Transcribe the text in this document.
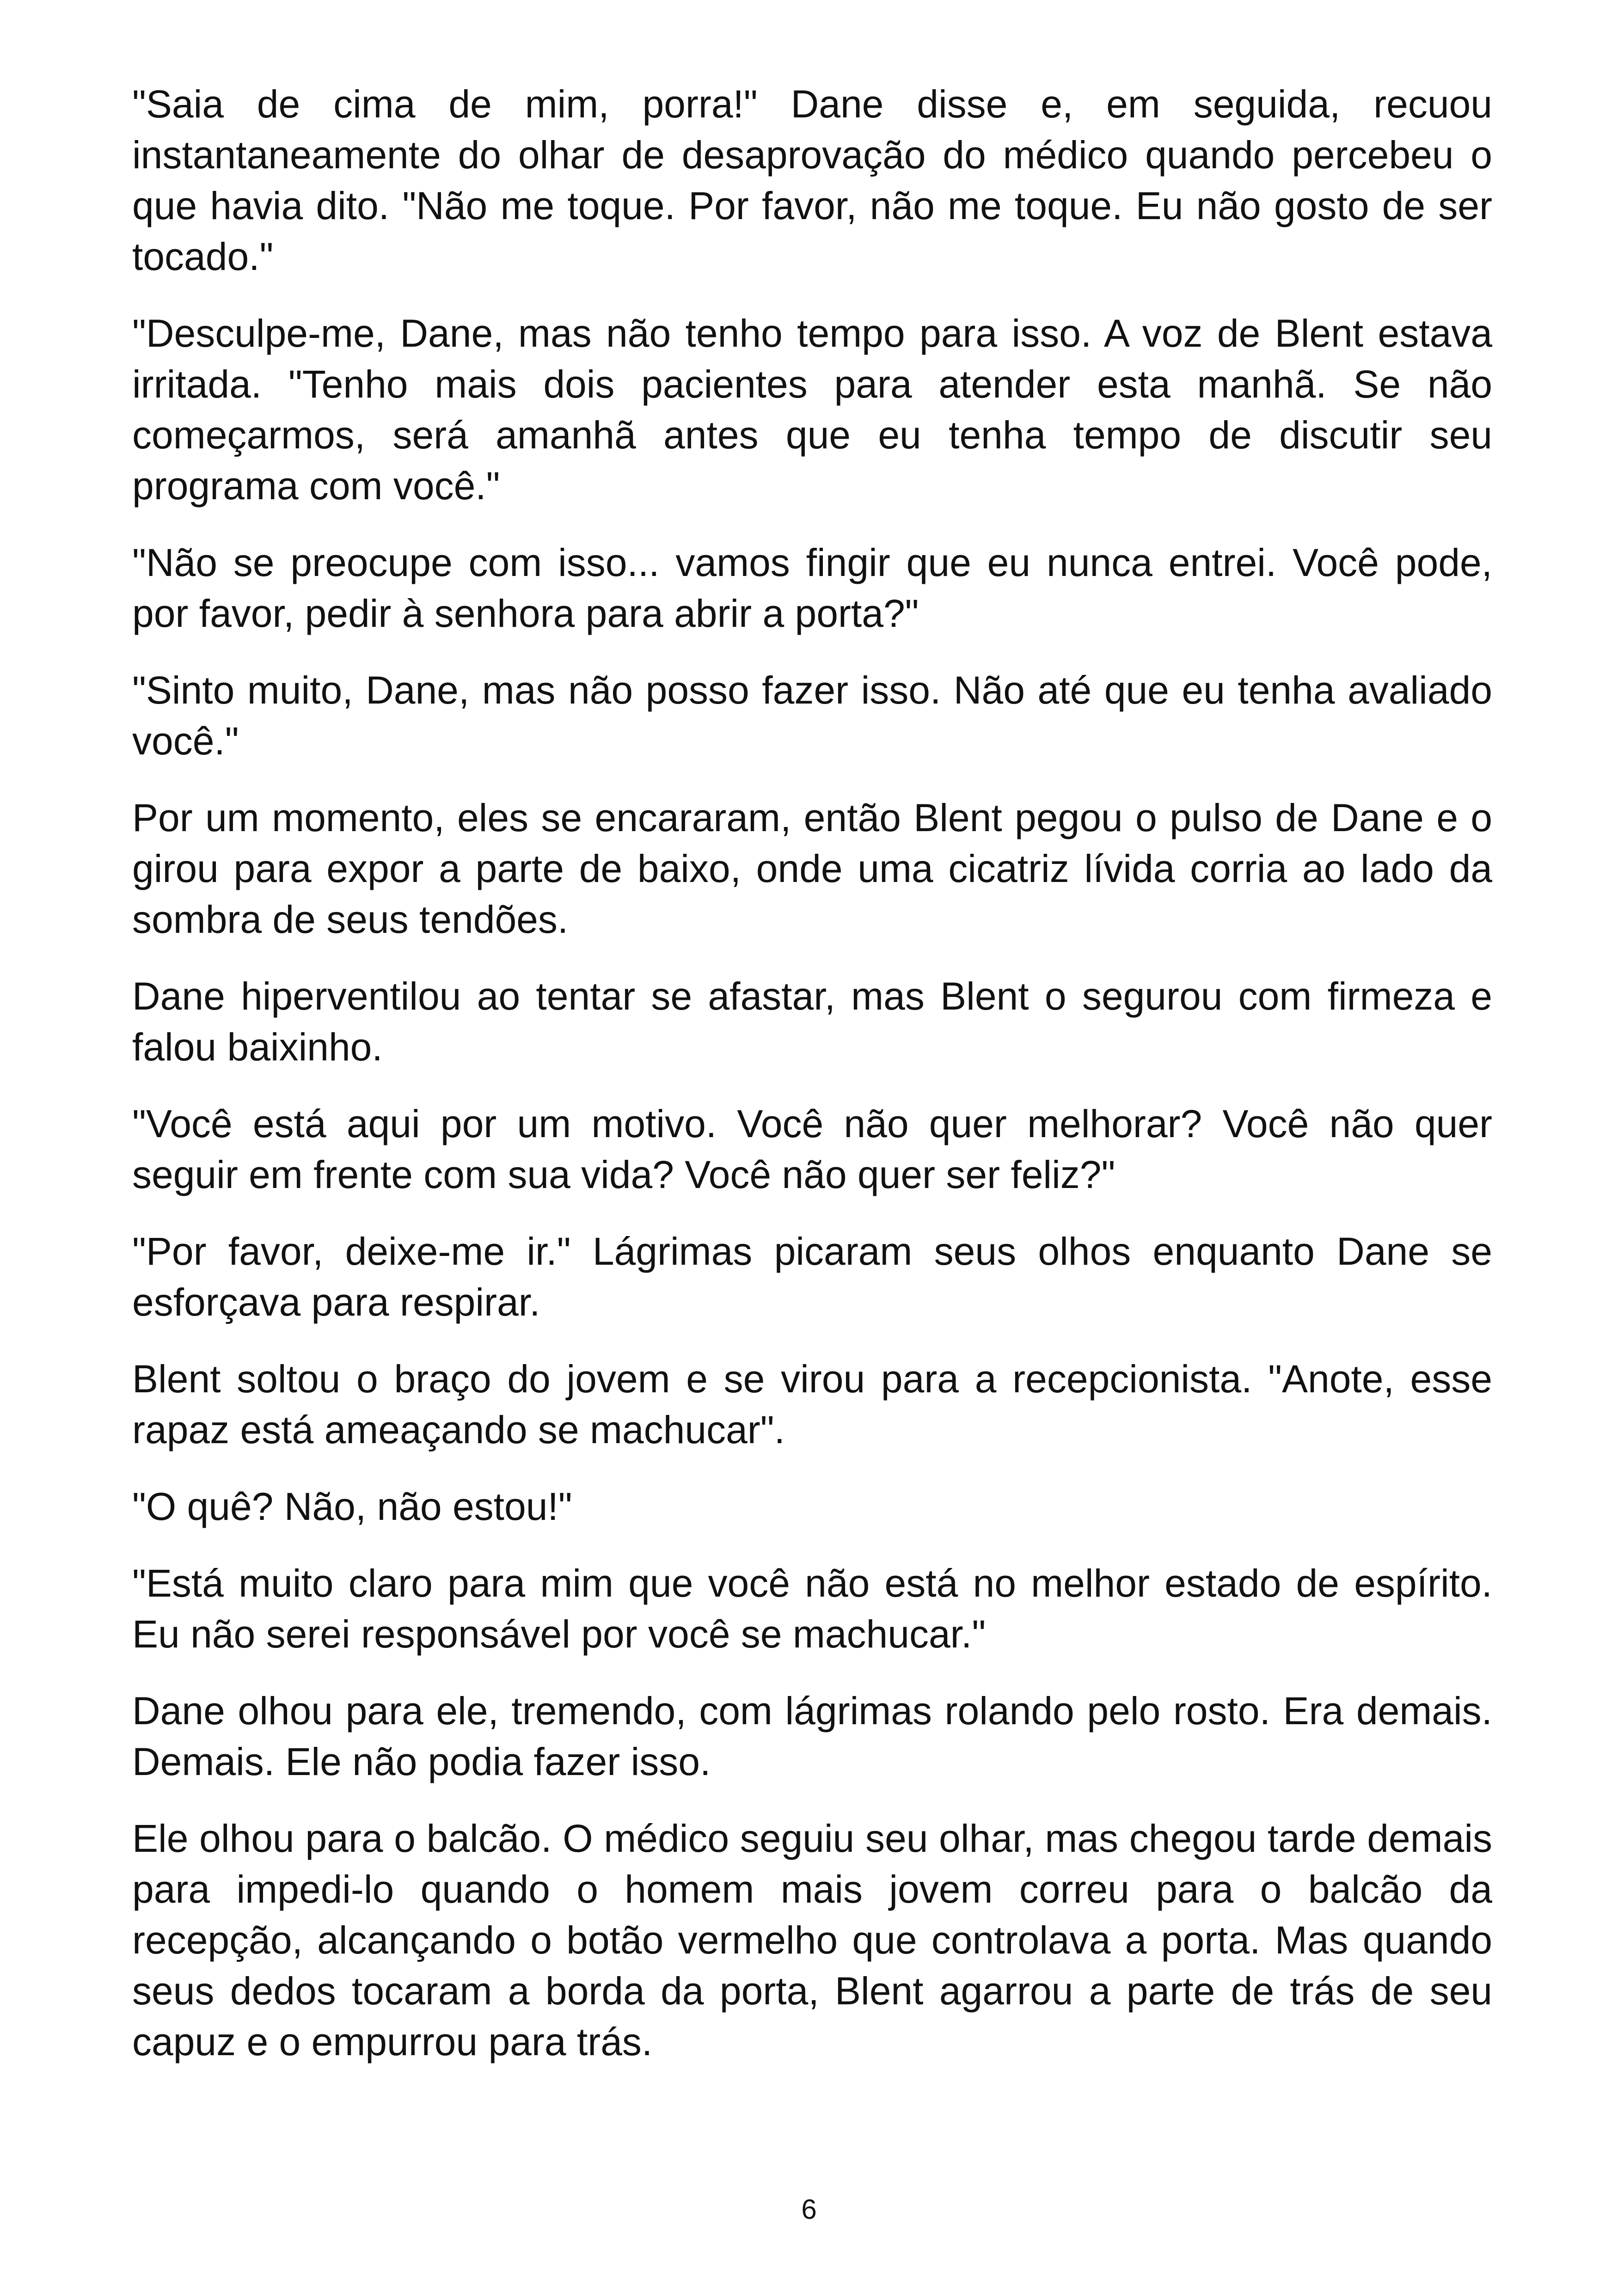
"Saia de cima de mim, porra!" Dane disse e, em seguida, recuou instantaneamente do olhar de desaprovação do médico quando percebeu o que havia dito. "Não me toque. Por favor, não me toque. Eu não gosto de ser tocado."

"Desculpe-me, Dane, mas não tenho tempo para isso. A voz de Blent estava irritada. "Tenho mais dois pacientes para atender esta manhã. Se não começarmos, será amanhã antes que eu tenha tempo de discutir seu programa com você."

"Não se preocupe com isso... vamos fingir que eu nunca entrei. Você pode, por favor, pedir à senhora para abrir a porta?"

"Sinto muito, Dane, mas não posso fazer isso. Não até que eu tenha avaliado você."

Por um momento, eles se encararam, então Blent pegou o pulso de Dane e o girou para expor a parte de baixo, onde uma cicatriz lívida corria ao lado da sombra de seus tendões.

Dane hiperventilou ao tentar se afastar, mas Blent o segurou com firmeza e falou baixinho.

"Você está aqui por um motivo. Você não quer melhorar? Você não quer seguir em frente com sua vida? Você não quer ser feliz?"

"Por favor, deixe-me ir." Lágrimas picaram seus olhos enquanto Dane se esforçava para respirar.

Blent soltou o braço do jovem e se virou para a recepcionista. "Anote, esse rapaz está ameaçando se machucar".

"O quê? Não, não estou!"

"Está muito claro para mim que você não está no melhor estado de espírito. Eu não serei responsável por você se machucar."

Dane olhou para ele, tremendo, com lágrimas rolando pelo rosto. Era demais. Demais. Ele não podia fazer isso.

Ele olhou para o balcão. O médico seguiu seu olhar, mas chegou tarde demais para impedi-lo quando o homem mais jovem correu para o balcão da recepção, alcançando o botão vermelho que controlava a porta. Mas quando seus dedos tocaram a borda da porta, Blent agarrou a parte de trás de seu capuz e o empurrou para trás.

6
